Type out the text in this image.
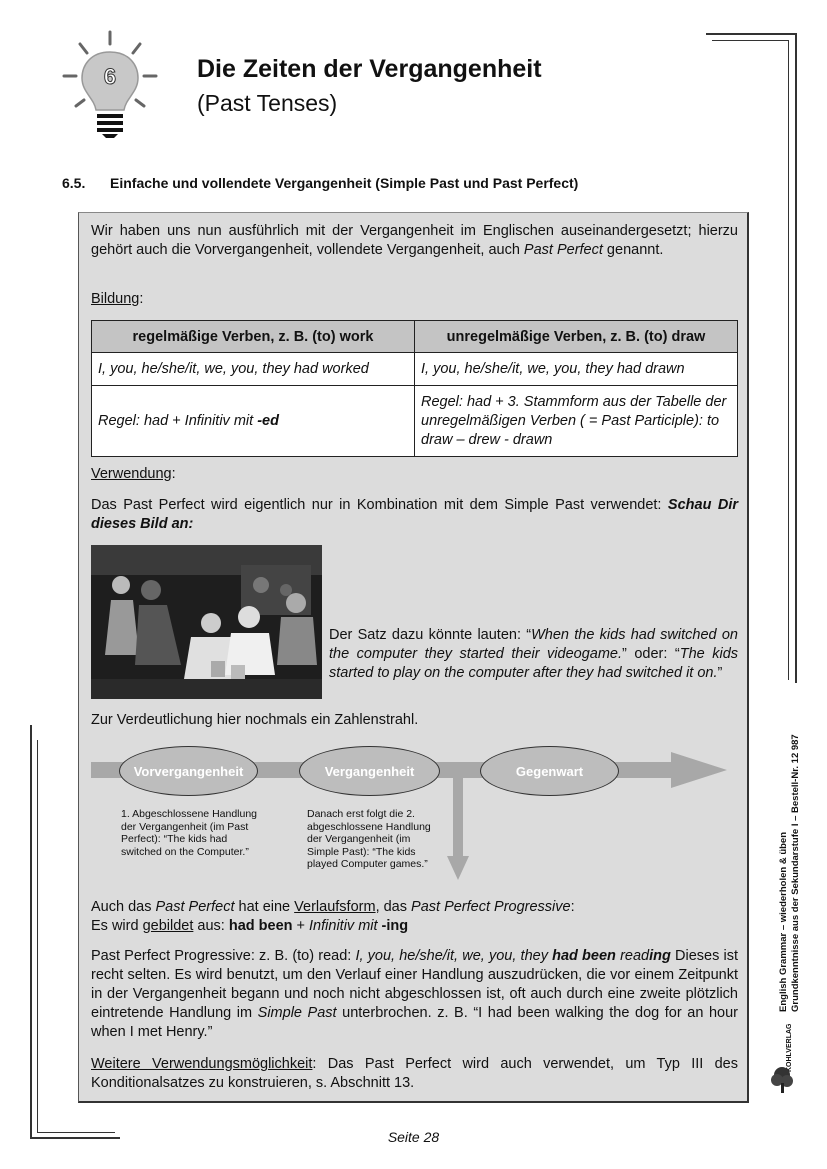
6	Die Zeiten der Vergangenheit
(Past Tenses)
6.5. Einfache und vollendete Vergangenheit (Simple Past und Past Perfect)
Wir haben uns nun ausführlich mit der Vergangenheit im Englischen auseinandergesetzt; hierzu gehört auch die Vorvergangenheit, vollendete Vergangenheit, auch Past Perfect genannt.
Bildung:
regelmäßige Verben, z. B. (to) work	unregelmäßige Verben, z. B. (to) draw
I, you, he/she/it, we, you, they had worked	I, you, he/she/it, we, you, they had drawn
Regel: had + Infinitiv mit -ed	Regel: had + 3. Stammform aus der Tabelle der unregelmäßigen Verben ( = Past Participle): to draw – drew - drawn
Verwendung:
Das Past Perfect wird eigentlich nur in Kombination mit dem Simple Past verwendet: Schau Dir dieses Bild an:
Der Satz dazu könnte lauten: “When the kids had switched on the computer they started their videogame.” oder: “The kids started to play on the computer after they had switched it on.”
Zur Verdeutlichung hier nochmals ein Zahlenstrahl.
Vorvergangenheit	Vergangenheit	Gegenwart
1. Abgeschlossene Handlung der Vergangenheit (im Past Perfect): “The kids had switched on the Computer.”
Danach erst folgt die 2. abgeschlossene Handlung der Vergangenheit (im Simple Past): “The kids played Computer games.”
Auch das Past Perfect hat eine Verlaufsform, das Past Perfect Progressive:
Es wird gebildet aus: had been + Infinitiv mit -ing
Past Perfect Progressive: z. B. (to) read: I, you, he/she/it, we, you, they had been reading Dieses ist recht selten. Es wird benutzt, um den Verlauf einer Handlung auszudrücken, die vor einem Zeitpunkt in der Vergangenheit begann und noch nicht abgeschlossen ist, oft auch durch eine zweite plötzlich eintretende Handlung im Simple Past unterbrochen. z. B. “I had been walking the dog for an hour when I met Henry.”
Weitere Verwendungsmöglichkeit: Das Past Perfect wird auch verwendet, um Typ III des Konditionalsatzes zu konstruieren, s. Abschnitt 13.
English Grammar – wiederholen & üben Grundkenntnisse aus der Sekundarstufe I – Bestell-Nr. 12 987
KOHLVERLAG
Seite 28
